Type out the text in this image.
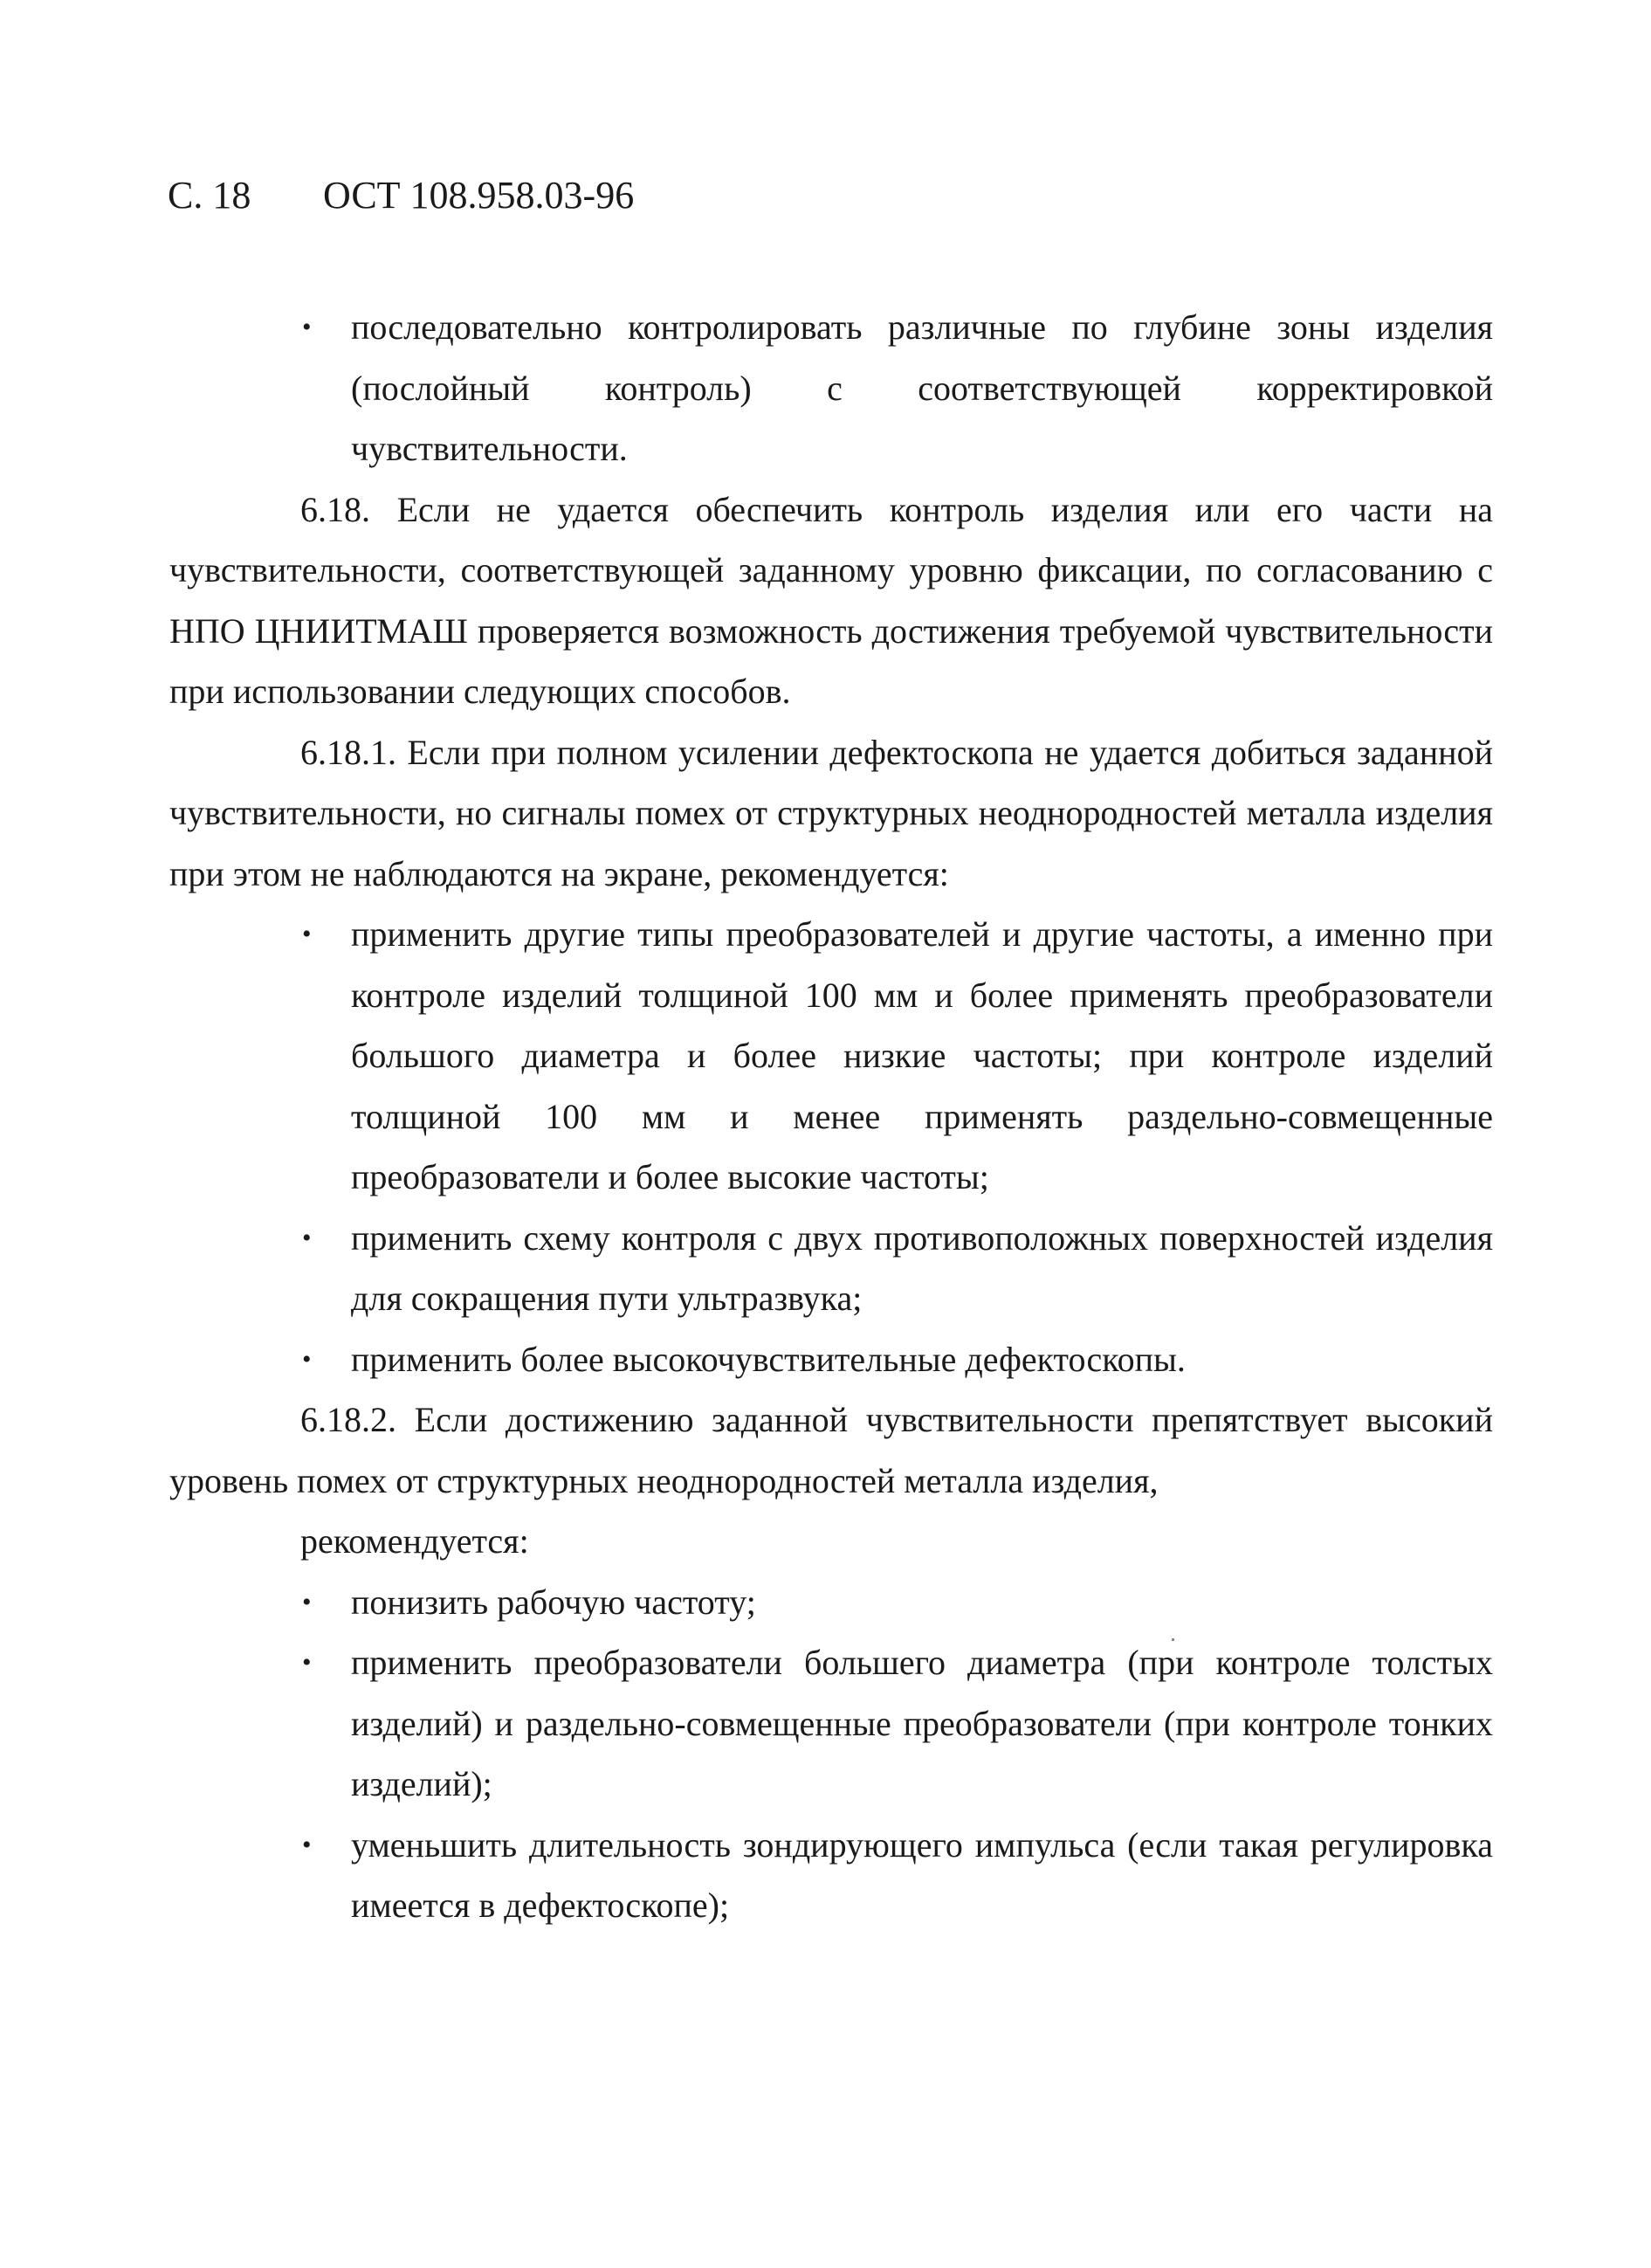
С. 18 ОСТ 108.958.03-96
• последовательно контролировать различные по глубине зоны изделия (послойный контроль) с соответствующей корректировкой чувствительности.

6.18. Если не удается обеспечить контроль изделия или его части на чувствительности, соответствующей заданному уровню фиксации, по согласованию с НПО ЦНИИТМАШ проверяется возможность достижения требуемой чувствительности при использовании следующих способов.

6.18.1. Если при полном усилении дефектоскопа не удается добиться заданной чувствительности, но сигналы помех от структурных неоднородностей металла изделия при этом не наблюдаются на экране, рекомендуется:

• применить другие типы преобразователей и другие частоты, а именно при контроле изделий толщиной 100 мм и более применять преобразователи большого диаметра и более низкие частоты; при контроле изделий толщиной 100 мм и менее применять раздельно-совмещенные преобразователи и более высокие частоты;
• применить схему контроля с двух противоположных поверхностей изделия для сокращения пути ультразвука;
• применить более высокочувствительные дефектоскопы.

6.18.2. Если достижению заданной чувствительности препятствует высокий уровень помех от структурных неоднородностей металла изделия,

рекомендуется:

• понизить рабочую частоту;
• применить преобразователи большего диаметра (при контроле толстых изделий) и раздельно-совмещенные преобразователи (при контроле тонких изделий);
• уменьшить длительность зондирующего импульса (если такая регулировка имеется в дефектоскопе);
